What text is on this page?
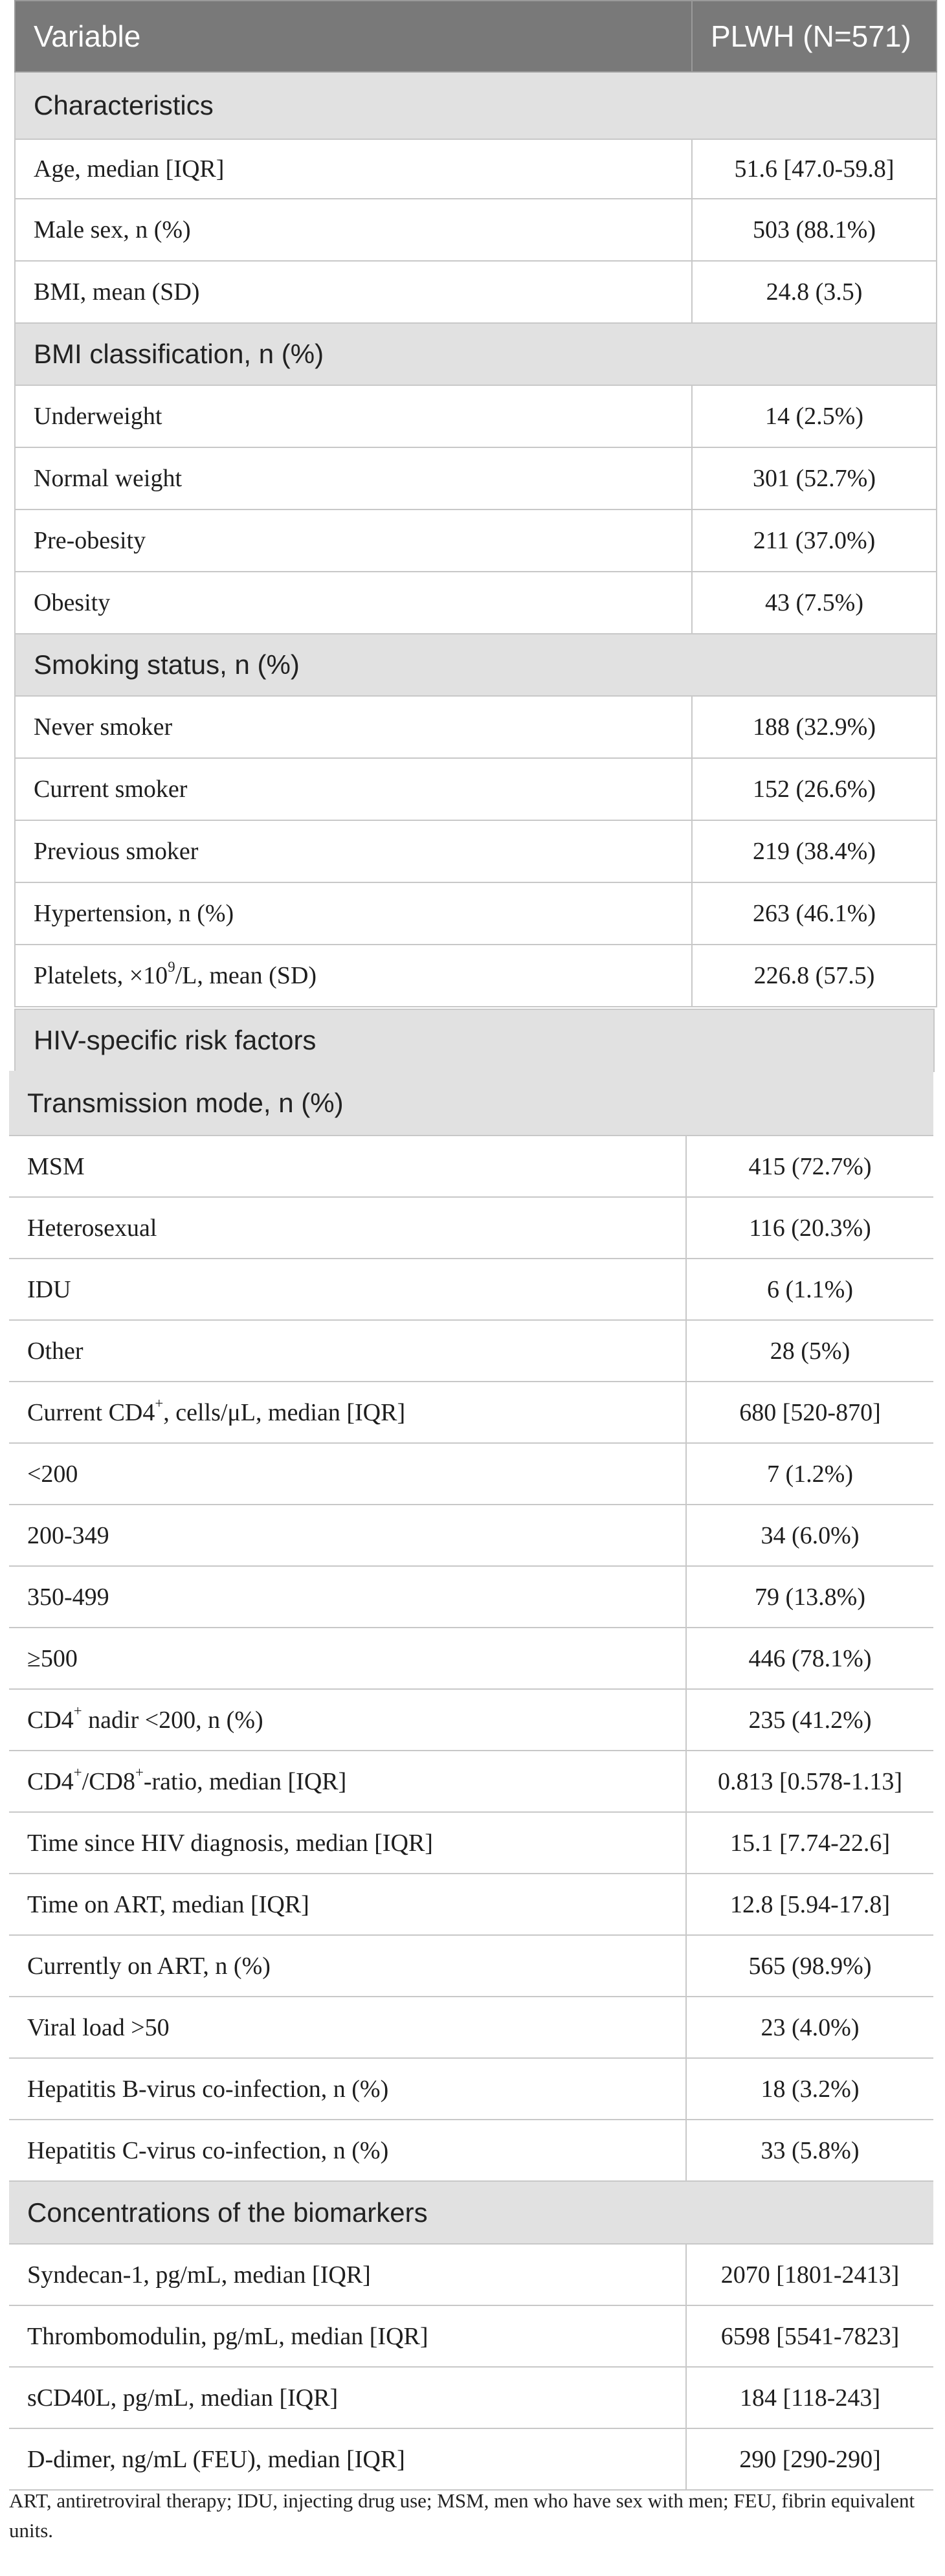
Variable	PLWH (N=571)
Characteristics	
Age, median [IQR]	51.6 [47.0-59.8]
Male sex, n (%)	503 (88.1%)
BMI, mean (SD)	24.8 (3.5)
BMI classification, n (%)	
Underweight	14 (2.5%)
Normal weight	301 (52.7%)
Pre-obesity	211 (37.0%)
Obesity	43 (7.5%)
Smoking status, n (%)	
Never smoker	188 (32.9%)
Current smoker	152 (26.6%)
Previous smoker	219 (38.4%)
Hypertension, n (%)	263 (46.1%)
Platelets, $\times 10^9/L$, mean (SD)	226.8 (57.5)
HIV-specific risk factors
Transmission mode, n (%)	
MSM	415 (72.7%)
Heterosexual	116 (20.3%)
IDU	6 (1.1%)
Other	28 (5%)
Current CD4+, cells/μL, median [IQR]	680 [520-870]
<200	7 (1.2%)
200-349	34 (6.0%)
350-499	79 (13.8%)
≥500	446 (78.1%)
CD4+ nadir <200, n (%)	235 (41.2%)
CD4+/CD8+-ratio, median [IQR]	0.813 [0.578-1.13]
Time since HIV diagnosis, median [IQR]	15.1 [7.74-22.6]
Time on ART, median [IQR]	12.8 [5.94-17.8]
Currently on ART, n (%)	565 (98.9%)
Viral load >50	23 (4.0%)
Hepatitis B-virus co-infection, n (%)	18 (3.2%)
Hepatitis C-virus co-infection, n (%)	33 (5.8%)
Concentrations of the biomarkers	
Syndecan-1, pg/mL, median [IQR]	2070 [1801-2413]
Thrombomodulin, pg/mL, median [IQR]	6598 [5541-7823]
sCD40L, pg/mL, median [IQR]	184 [118-243]
D-dimer, ng/mL (FEU), median [IQR]	290 [290-290]
ART, antiretroviral therapy; IDU, injecting drug use; MSM, men who have sex with men; FEU, fibrin equivalent units.
